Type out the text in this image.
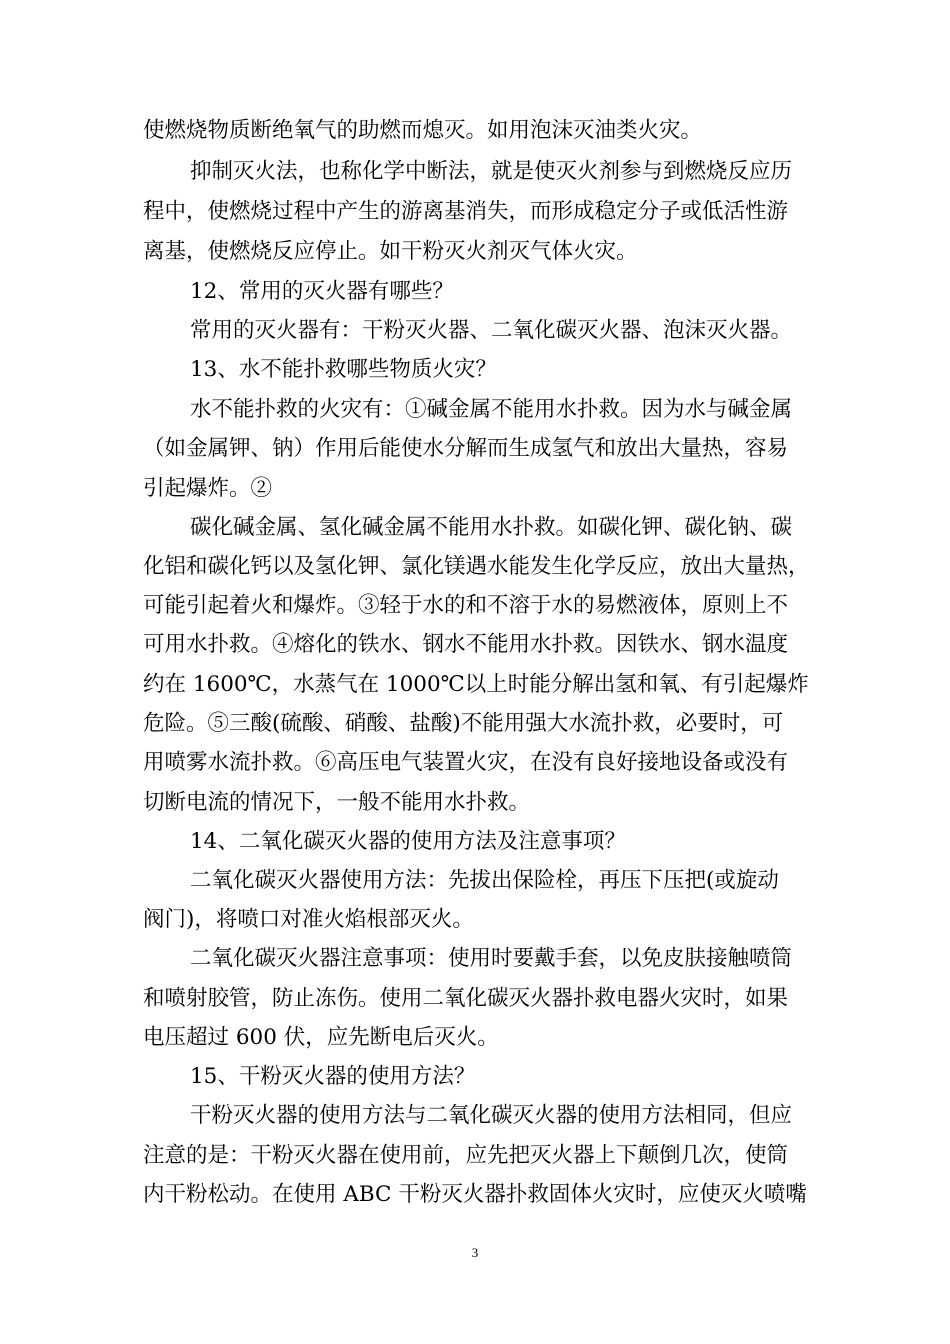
使燃烧物质断绝氧气的助燃而熄灭。如用泡沫灭油类火灾。
抑制灭火法，也称化学中断法，就是使灭火剂参与到燃烧反应历
程中，使燃烧过程中产生的游离基消失，而形成稳定分子或低活性游
离基，使燃烧反应停止。如干粉灭火剂灭气体火灾。
12、常用的灭火器有哪些？
常用的灭火器有：干粉灭火器、二氧化碳灭火器、泡沫灭火器。
13、水不能扑救哪些物质火灾？
水不能扑救的火灾有：①碱金属不能用水扑救。因为水与碱金属
（如金属钾、钠）作用后能使水分解而生成氢气和放出大量热，容易
引起爆炸。②
碳化碱金属、氢化碱金属不能用水扑救。如碳化钾、碳化钠、碳
化铝和碳化钙以及氢化钾、氯化镁遇水能发生化学反应，放出大量热，
可能引起着火和爆炸。③轻于水的和不溶于水的易燃液体，原则上不
可用水扑救。④熔化的铁水、钢水不能用水扑救。因铁水、钢水温度
约在 1600℃，水蒸气在 1000℃以上时能分解出氢和氧、有引起爆炸
危险。⑤三酸(硫酸、硝酸、盐酸)不能用强大水流扑救，必要时，可
用喷雾水流扑救。⑥高压电气装置火灾，在没有良好接地设备或没有
切断电流的情况下，一般不能用水扑救。
14、二氧化碳灭火器的使用方法及注意事项？
二氧化碳灭火器使用方法：先拔出保险栓，再压下压把(或旋动
阀门)，将喷口对准火焰根部灭火。
二氧化碳灭火器注意事项：使用时要戴手套，以免皮肤接触喷筒
和喷射胶管，防止冻伤。使用二氧化碳灭火器扑救电器火灾时，如果
电压超过 600 伏，应先断电后灭火。
15、干粉灭火器的使用方法？
干粉灭火器的使用方法与二氧化碳灭火器的使用方法相同，但应
注意的是：干粉灭火器在使用前，应先把灭火器上下颠倒几次，使筒
内干粉松动。在使用 ABC 干粉灭火器扑救固体火灾时，应使灭火喷嘴
3
